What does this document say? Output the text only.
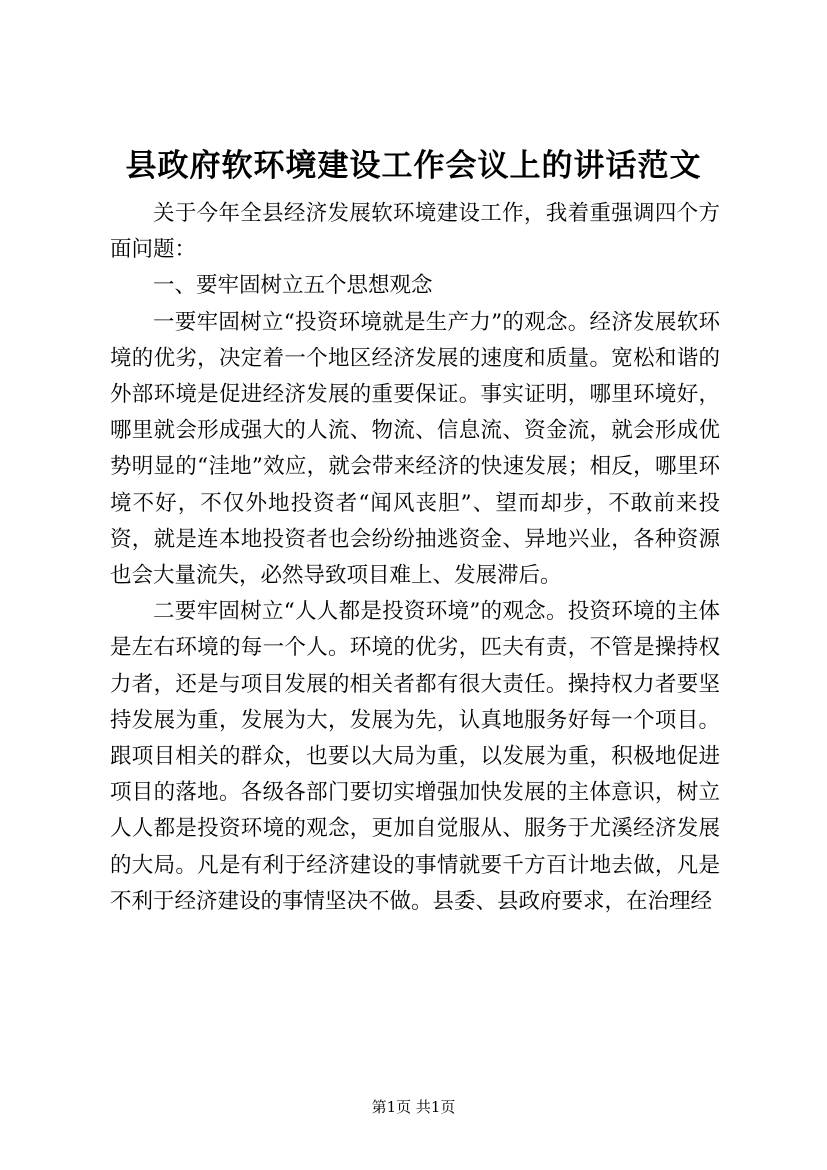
县政府软环境建设工作会议上的讲话范文

关于今年全县经济发展软环境建设工作，我着重强调四个方面问题：

一、要牢固树立五个思想观念

一要牢固树立“投资环境就是生产力”的观念。经济发展软环境的优劣，决定着一个地区经济发展的速度和质量。宽松和谐的外部环境是促进经济发展的重要保证。事实证明，哪里环境好，哪里就会形成强大的人流、物流、信息流、资金流，就会形成优势明显的“洼地”效应，就会带来经济的快速发展；相反，哪里环境不好，不仅外地投资者“闻风丧胆”、望而却步，不敢前来投资，就是连本地投资者也会纷纷抽逃资金、异地兴业，各种资源也会大量流失，必然导致项目难上、发展滞后。

二要牢固树立“人人都是投资环境”的观念。投资环境的主体是左右环境的每一个人。环境的优劣，匹夫有责，不管是操持权力者，还是与项目发展的相关者都有很大责任。操持权力者要坚持发展为重，发展为大，发展为先，认真地服务好每一个项目。跟项目相关的群众，也要以大局为重，以发展为重，积极地促进项目的落地。各级各部门要切实增强加快发展的主体意识，树立人人都是投资环境的观念，更加自觉服从、服务于尤溪经济发展的大局。凡是有利于经济建设的事情就要千方百计地去做，凡是不利于经济建设的事情坚决不做。县委、县政府要求，在治理经

第1页 共1页
